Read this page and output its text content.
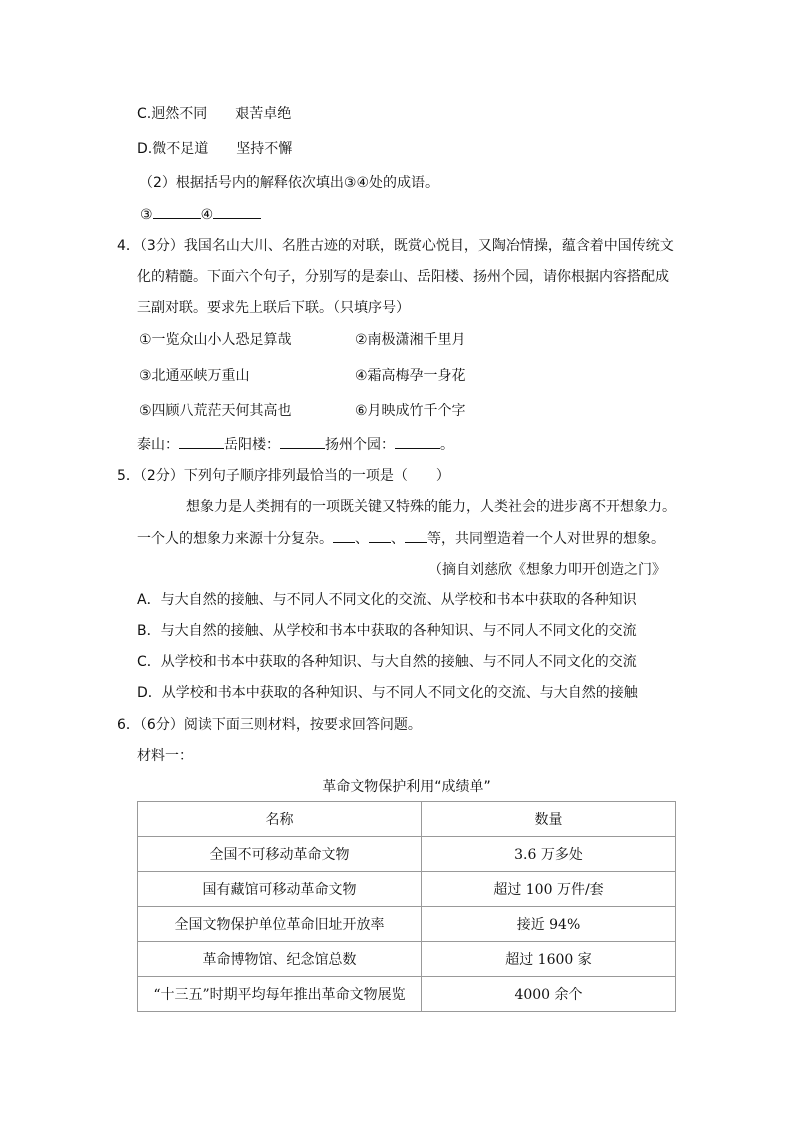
C.迥然不同　　艰苦卓绝
D.微不足道　　坚持不懈
（2）根据括号内的解释依次填出③④处的成语。
③	④
4．（3分）我国名山大川、名胜古迹的对联，既赏心悦目，又陶冶情操，蕴含着中国传统文
化的精髓。下面六个句子，分别写的是泰山、岳阳楼、扬州个园，请你根据内容搭配成
三副对联。要求先上联后下联。（只填序号）
①一览众山小人恐足算哉	②南极潇湘千里月
③北通巫峡万重山	④霜高梅孕一身花
⑤四顾八荒茫天何其高也	⑥月映成竹千个字
泰山：	岳阳楼：	扬州个园：	。
5．（2分）下列句子顺序排列最恰当的一项是（　　）
想象力是人类拥有的一项既关键又特殊的能力，人类社会的进步离不开想象力。
一个人的想象力来源十分复杂。 、 、 等，共同塑造着一个人对世界的想象。
（摘自刘慈欣《想象力叩开创造之门》
A．与大自然的接触、与不同人不同文化的交流、从学校和书本中获取的各种知识
B．与大自然的接触、从学校和书本中获取的各种知识、与不同人不同文化的交流
C．从学校和书本中获取的各种知识、与大自然的接触、与不同人不同文化的交流
D．从学校和书本中获取的各种知识、与不同人不同文化的交流、与大自然的接触
6．（6分）阅读下面三则材料，按要求回答问题。
材料一：
革命文物保护利用“成绩单”
名称	数量
全国不可移动革命文物	3.6 万多处
国有藏馆可移动革命文物	超过 100 万件/套
全国文物保护单位革命旧址开放率	接近 94%
革命博物馆、纪念馆总数	超过 1600 家
“十三五”时期平均每年推出革命文物展览	4000 余个
